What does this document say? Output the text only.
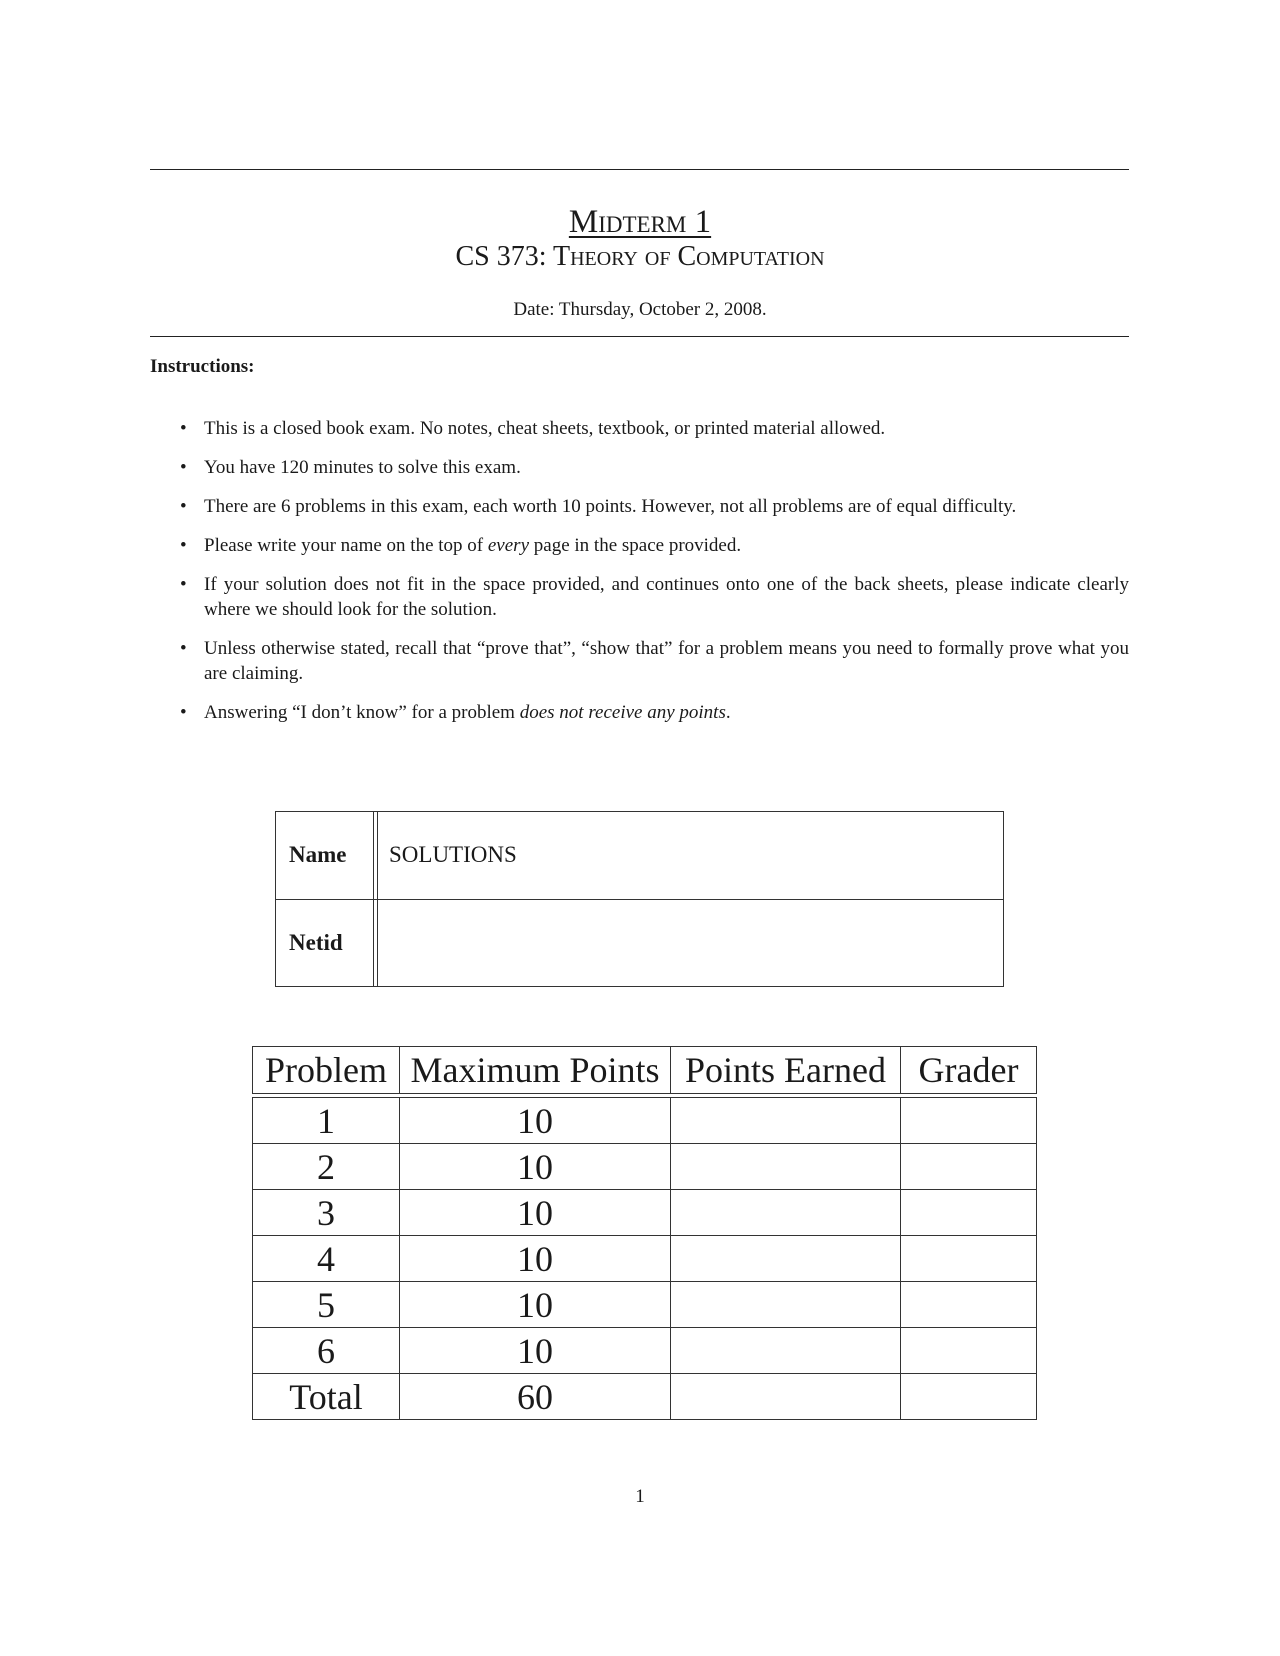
Midterm 1
CS 373: Theory of Computation
Date: Thursday, October 2, 2008.
Instructions:
• This is a closed book exam. No notes, cheat sheets, textbook, or printed material allowed.
• You have 120 minutes to solve this exam.
• There are 6 problems in this exam, each worth 10 points. However, not all problems are of equal difficulty.
• Please write your name on the top of every page in the space provided.
• If your solution does not fit in the space provided, and continues onto one of the back sheets, please indicate clearly where we should look for the solution.
• Unless otherwise stated, recall that “prove that”, “show that” for a problem means you need to formally prove what you are claiming.
• Answering “I don’t know” for a problem does not receive any points.
Name SOLUTIONS
Netid
Problem	Maximum Points	Points Earned	Grader

1	10		
2	10		
3	10		
4	10		
5	10		
6	10		
Total	60		
1
